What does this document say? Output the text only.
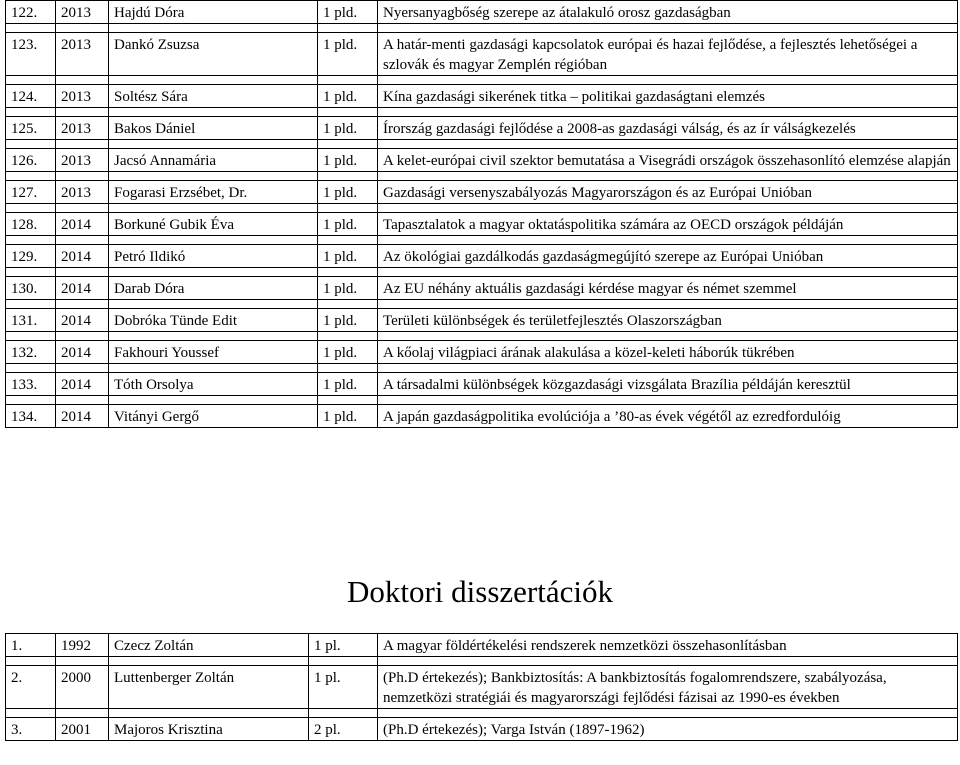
122.	2013	Hajdú Dóra	1 pld.	Nyersanyagbőség szerepe az átalakuló orosz gazdaságban

123.	2013	Dankó Zsuzsa	1 pld.	A határ-menti gazdasági kapcsolatok európai és hazai fejlődése, a fejlesztés lehetőségei a szlovák és magyar Zemplén régióban

124.	2013	Soltész Sára	1 pld.	Kína gazdasági sikerének titka – politikai gazdaságtani elemzés

125.	2013	Bakos Dániel	1 pld.	Írország gazdasági fejlődése a 2008-as gazdasági válság, és az ír válságkezelés

126.	2013	Jacsó Annamária	1 pld.	A kelet-európai civil szektor bemutatása a Visegrádi országok összehasonlító elemzése alapján

127.	2013	Fogarasi Erzsébet, Dr.	1 pld.	Gazdasági versenyszabályozás Magyarországon és az Európai Unióban

128.	2014	Borkuné Gubik Éva	1 pld.	Tapasztalatok a magyar oktatáspolitika számára az OECD országok példáján

129.	2014	Petró Ildikó	1 pld.	Az ökológiai gazdálkodás gazdaságmegújító szerepe az Európai Unióban

130.	2014	Darab Dóra	1 pld.	Az EU néhány aktuális gazdasági kérdése magyar és német szemmel

131.	2014	Dobróka Tünde Edit	1 pld.	Területi különbségek és területfejlesztés Olaszországban

132.	2014	Fakhouri Youssef	1 pld.	A kőolaj világpiaci árának alakulása a közel-keleti háborúk tükrében

133.	2014	Tóth Orsolya	1 pld.	A társadalmi különbségek közgazdasági vizsgálata Brazília példáján keresztül

134.	2014	Vitányi Gergő	1 pld.	A japán gazdaságpolitika evolúciója a ’80-as évek végétől az ezredfordulóig
Doktori disszertációk
1.	1992	Czecz Zoltán	1 pl.	A magyar földértékelési rendszerek nemzetközi összehasonlításban

2.	2000	Luttenberger Zoltán	1 pl.	(Ph.D értekezés); Bankbiztosítás: A bankbiztosítás fogalomrendszere, szabályozása, nemzetközi stratégiái és magyarországi fejlődési fázisai az 1990-es években

3.	2001	Majoros Krisztina	2 pl.	(Ph.D értekezés); Varga István (1897-1962)
